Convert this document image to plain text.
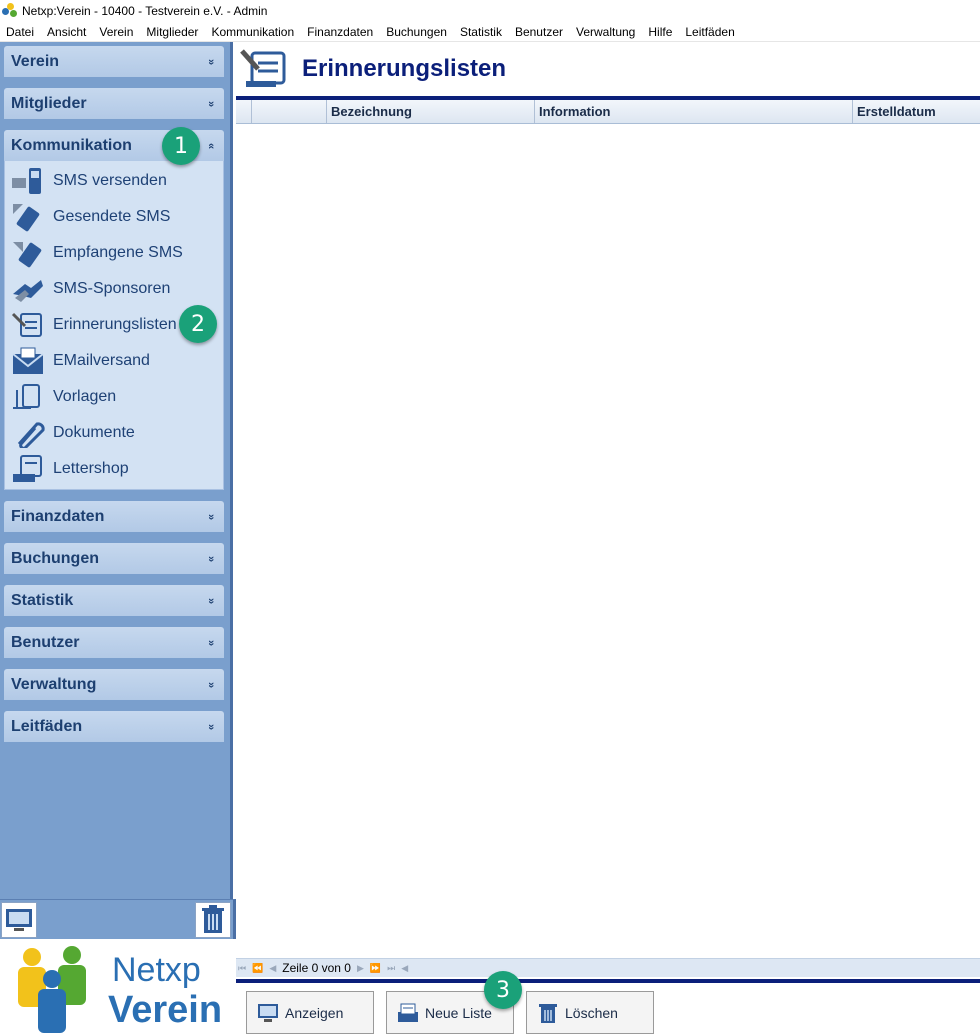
Netxp:Verein - 10400 - Testverein e.V. - Admin
Datei	Ansicht	Verein	Mitglieder	Kommunikation	Finanzdaten	Buchungen	Statistik	Benutzer	Verwaltung	Hilfe	Leitfäden
Verein	»
Mitglieder	»
Kommunikation	«
SMS versenden
Gesendete SMS
Empfangene SMS
SMS-Sponsoren
Erinnerungslisten
EMailversand
Vorlagen
Dokumente
Lettershop
Finanzdaten	»
Buchungen	»
Statistik	»
Benutzer	»
Verwaltung	»
Leitfäden	»
Netxp
Verein
Erinnerungslisten
Bezeichnung	Information	Erstelldatum
⏮ ⏪ ◀ Zeile 0 von 0 ▶ ⏩ ⏭ ◀
Anzeigen	Neue Liste	Löschen
1
2
3
